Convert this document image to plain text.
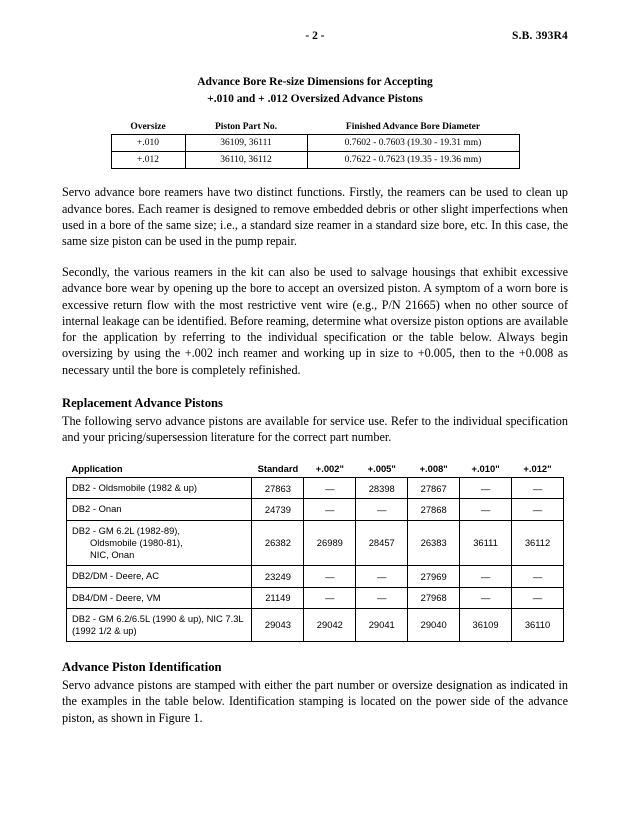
- 2 -	S.B. 393R4
Advance Bore Re-size Dimensions for Accepting
+.010 and + .012 Oversized Advance Pistons
Oversize	Piston Part No.	Finished Advance Bore Diameter
+.010	36109, 36111	0.7602 - 0.7603 (19.30 - 19.31 mm)
+.012	36110, 36112	0.7622 - 0.7623 (19.35 - 19.36 mm)

Servo advance bore reamers have two distinct functions. Firstly, the reamers can be used to clean up advance bores. Each reamer is designed to remove embedded debris or other slight imperfections when used in a bore of the same size; i.e., a standard size reamer in a standard size bore, etc. In this case, the same size piston can be used in the pump repair.

Secondly, the various reamers in the kit can also be used to salvage housings that exhibit excessive advance bore wear by opening up the bore to accept an oversized piston. A symptom of a worn bore is excessive return flow with the most restrictive vent wire (e.g., P/N 21665) when no other source of internal leakage can be identified. Before reaming, determine what oversize piston options are available for the application by referring to the individual specification or the table below. Always begin oversizing by using the +.002 inch reamer and working up in size to +0.005, then to the +0.008 as necessary until the bore is completely refinished.

Replacement Advance Pistons

The following servo advance pistons are available for service use. Refer to the individual specification and your pricing/supersession literature for the correct part number.

Application	Standard	+.002"	+.005"	+.008"	+.010"	+.012"
DB2 - Oldsmobile (1982 & up)	27863	—	28398	27867	—	—
DB2 - Onan	24739	—	—	27868	—	—
DB2 - GM 6.2L (1982-89),
Oldsmobile (1980-81),
NIC, Onan	26382	26989	28457	26383	36111	36112
DB2/DM - Deere, AC	23249	—	—	27969	—	—
DB4/DM - Deere, VM	21149	—	—	27968	—	—
DB2 - GM 6.2/6.5L (1990 & up), NIC 7.3L (1992 1/2 & up)	29043	29042	29041	29040	36109	36110
Advance Piston Identification

Servo advance pistons are stamped with either the part number or oversize designation as indicated in the examples in the table below. Identification stamping is located on the power side of the advance piston, as shown in Figure 1.
